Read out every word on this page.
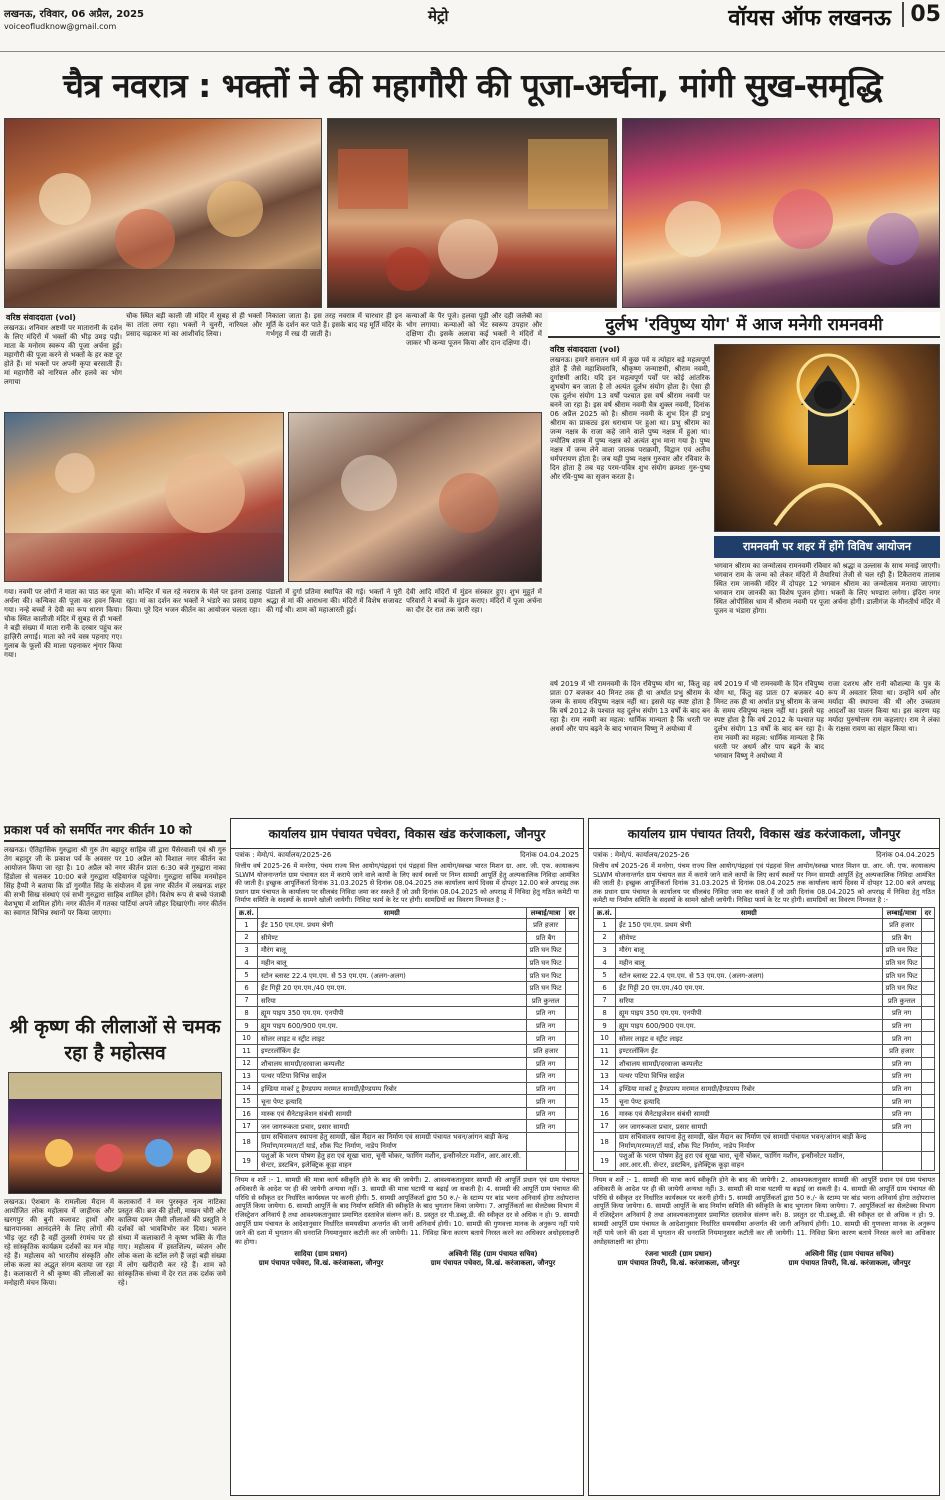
लखनऊ, रविवार, 06 अप्रैल, 2025
voiceofludknow@gmail.com
मेट्रो	वॉयस ऑफ लखनऊ 05
चैत्र नवरात्र : भक्तों ने की महागौरी की पूजा-अर्चना, मांगी सुख-समृद्धि
वरिष्ठ संवाददाता (vol)
लखनऊ। शनिवार अष्टमी पर मातारानी के दर्शन के लिए मंदिरों में भक्तों की भीड़ उमड़ पड़ी। माता के मनोरम स्वरूप की पूजा अर्चना हुई। महागौरी की पूजा करने से भक्तों के हर कष्ट दूर होते हैं। मां भक्तों पर अपनी कृपा बरसाती हैं। मां महागौरी को नारियल और हलवे का भोग लगाया
चौक स्थित बड़ी काली जी मंदिर में सुबह से ही भक्तों का तांता लगा रहा। भक्तों ने चुनरी, नारियल और प्रसाद चढ़ाकर मां का आशीर्वाद लिया।
निकाला जाता है। इस तरह नवरात्र में चारधार ही इन मूर्ति के दर्शन कर पाते हैं। इसके बाद यह मूर्ति मंदिर के गर्भगृह में रख दी जाती है।
कन्याओं के पैर पूजे। हलवा पूड़ी और दही जलेबी का भोग लगाया। कन्याओं को भेंट स्वरूप उपहार और दक्षिणा दी। इसके अलावा कई भक्तों ने मंदिरों में जाकर भी कन्या पूजन किया और दान दक्षिणा दी।
गया। नवमी पर लोगों ने माता का पाठ कर पूजा अर्चना की। कन्यिका की पूजा कर हवन किया गया। नन्हे बच्चों ने देवी का रूप धारण किया। चौक स्थित कालीजी मंदिर में सुबह से ही भक्तों ने बड़ी संख्या में माता रानी के दरबार पहुंच कर हाज़िरी लगाई। माता को नये वस्त्र पहनाए गए। गुलाब के फूलों की माला पहनाकर शृंगार किया गया।
को। मन्दिर में चल रहे नवरात्र के मेले पर इतना उत्साह रहा। मां का दर्शन कर भक्तों ने भंडारे का प्रसाद ग्रहण किया। पूरे दिन भजन कीर्तन का आयोजन चलता रहा।
पंडालों में दुर्गा प्रतिमा स्थापित की गई। भक्तों ने पूरी श्रद्धा से मां की आराधना की। मंदिरों में विशेष सजावट की गई थी। शाम को महाआरती हुई।
देवी आदि मंदिरों में मुंडन संस्कार हुए। शुभ मुहूर्त में परिवारों ने बच्चों के मुंडन कराए। मंदिरों में पूजा अर्चना का दौर देर रात तक जारी रहा।
दुर्लभ 'रविपुष्य योग' में आज मनेगी रामनवमी
वरिष्ठ संवाददाता (vol)
लखनऊ। हमारे सनातन धर्म में कुछ पर्व व त्योहार बड़े महत्वपूर्ण होते हैं जैसे महाशिवरात्रि, श्रीकृष्ण जन्माष्टमी, श्रीराम नवमी, दुर्गाष्टमी आदि। यदि इन महत्वपूर्ण पर्वों पर कोई आंतरिक शुभयोग बन जाता है तो अत्यंत दुर्लभ संयोग होता है। ऐसा ही एक दुर्लभ संयोग 13 वर्षों पश्चात इस वर्ष श्रीराम नवमी पर बनने जा रहा है। इस वर्ष श्रीराम नवमी चैत्र शुक्ल नवमी, दिनांक 06 अप्रैल 2025 को है। श्रीराम नवमी के शुभ दिन ही प्रभु श्रीराम का प्राकट्य इस धराधाम पर हुआ था। प्रभु श्रीराम का जन्म नक्षत्र के राजा कहे जाने वाले पुष्य नक्षत्र में हुआ था। ज्योतिष शास्त्र में पुष्य नक्षत्र को अत्यंत शुभ माना गया है। पुष्य नक्षत्र में जन्म लेने वाला जातक पराक्रमी, विद्वान एवं अतीव धर्मपरायण होता है। जब यही पुष्य नक्षत्र गुरुवार और रविवार के दिन होता है तब यह परम-पवित्र शुभ संयोग क्रमशः गुरु-पुष्य और रवि-पुष्य का सृजन करता है।
रामनवमी पर शहर में होंगे विविध आयोजन
भगवान श्रीराम का जन्मोत्सव रामनवमी रविवार को श्रद्धा व उल्लास के साथ मनाई जाएगी। भगवान राम के जन्म को लेकर मंदिरों में तैयारियां तेजी से चल रही हैं। टिकैतराय तालाब स्थित राम जानकी मंदिर में दोपहर 12 भगवान श्रीराम का जन्मोत्सव मनाया जाएगा। भगवान राम जानकी का विशेष पूजन होगा। भक्तों के लिए भण्डारा लगेगा। इंदिरा नगर स्थित ओपीसिस धाम में श्रीराम नवमी पर पूजा अर्चना होगी। डालीगंज के मौनतीर्थ मंदिर में पूजन व भंडारा होगा।
वर्ष 2019 में भी रामनवमी के दिन रविपुष्य योग था, किंतु वह प्रातः 07 बजकर 40 मिनट तक ही था अर्थात प्रभु श्रीराम के जन्म के समय रविपुष्य नक्षत्र नहीं था। इससे यह स्पष्ट होता है कि वर्ष 2012 के पश्चात यह दुर्लभ संयोग 13 वर्षों के बाद बन रहा है। राम नवमी का महत्व: धार्मिक मान्यता है कि धरती पर अधर्म और पाप बढ़ने के बाद भगवान विष्णु ने अयोध्या में
राजा दशरथ और रानी कौशल्या के पुत्र के रूप में अवतार लिया था। उन्होंने धर्म और मर्यादा की स्थापना की थी और उच्चतम आदर्शों का पालन किया था। इस कारण यह मर्यादा पुरुषोत्तम राम कहलाए। राम ने लंका के राक्षस रावण का संहार किया था।
वर्ष 2019 में भी रामनवमी के दिन रविपुष्य योग था, किंतु वह प्रातः 07 बजकर 40 मिनट तक ही था अर्थात प्रभु श्रीराम के जन्म के समय रविपुष्य नक्षत्र नहीं था। इससे यह स्पष्ट होता है कि वर्ष 2012 के पश्चात यह दुर्लभ संयोग 13 वर्षों के बाद बन रहा है। राम नवमी का महत्व: धार्मिक मान्यता है कि धरती पर अधर्म और पाप बढ़ने के बाद भगवान विष्णु ने अयोध्या में
प्रकाश पर्व को समर्पित नगर कीर्तन 10 को
लखनऊ। ऐतिहासिक गुरुद्वारा श्री गुरु तेग बहादुर साहिब जी द्वारा पैंसेरवाली एवं श्री गुरु तेग बहादुर जी के प्रकाश पर्व के अवसर पर 10 अप्रैल को विशाल नगर कीर्तन का आयोजन किया जा रहा है। 10 अप्रैल को नगर कीर्तन प्रातः 6:30 बजे गुरुद्वारा नाका हिंडोला से चलकर 10:00 बजे गुरुद्वारा यहियागंज पहुंचेगा। गुरुद्वारा सचिव मनमोहन सिंह हैप्पी ने बताया कि डॉ गुरमीत सिंह के संयोजन में इस नगर कीर्तन में लखनऊ शहर की सभी सिख संस्थाएं एवं सभी गुरुद्वारा साहिब शामिल होंगे। विशेष रूप से बच्चे पंजाबी वेशभूषा में शामिल होंगे। नगर कीर्तन में गतका पार्टियां अपने जौहर दिखाएंगी। नगर कीर्तन का स्वागत विभिन्न स्थानों पर किया जाएगा।
श्री कृष्ण की लीलाओं से चमक रहा है महोत्सव
लखनऊ। ऐशबाग के रामलीला मैदान में आयोजित लोक महोत्सव में जाहीरक और खरगपुर की बुनी कलावट हाथों और खानपानका आनंदलेने के लिए लोगों की भीड़ जुट रही है वहीं तुलसी रंगमंच पर हो रहे सांस्कृतिक कार्यक्रम दर्शकों का मन मोह रहे हैं। महोत्सव को भारतीय संस्कृति और लोक कला का अद्भुत संगम बताया जा रहा है। कलाकारों ने श्री कृष्ण की लीलाओं का मनोहारी मंचन किया।
कलाकारों ने मन पुरस्कृत नृत्य नाटिका प्रस्तुत की। ब्रज की होली, माखन चोरी और कालिया दमन जैसी लीलाओं की प्रस्तुति ने दर्शकों को भावविभोर कर दिया। भजन संध्या में कलाकारों ने कृष्ण भक्ति के गीत गाए। महोत्सव में हस्तशिल्प, व्यंजन और लोक कला के स्टॉल लगे हैं जहां बड़ी संख्या में लोग खरीदारी कर रहे हैं। शाम को सांस्कृतिक संध्या में देर रात तक दर्शक जमे रहे।
कार्यालय ग्राम पंचायत पचेवरा, विकास खंड करंजाकला, जौनपुर
पत्रांक : मेमो/पं. कार्यालय/2025-26	दिनांक 04.04.2025
वित्तीय वर्ष 2025-26 में मनरेगा, पंचम राज्य वित्त आयोग/पंद्रहवां एवं पंद्रहवां वित्त आयोग/स्वच्छ भारत मिशन ग्रा. आर. जी. एफ. कायाकल्प SLWM योजनान्तर्गत ग्राम पंचायत सत में कराये जाने वाले कार्यों के लिए कार्य स्थलों पर निम्न सामग्री आपूर्ति हेतु अल्पकालिक निविदा आमंत्रित की जाती है। इच्छुक आपूर्तिकर्ता दिनांक 31.03.2025 से दिनांक 08.04.2025 तक कार्यालय कार्य दिवस में दोपहर 12.00 बजे अपराह्न तक प्रधान ग्राम पंचायत के कार्यालय पर सीलबंद निविदा जमा कर सकते हैं जो उसी दिनांक 08.04.2025 को अपराह्न में निविदा हेतु गठित कमेटी या निर्माण समिति के सदस्यों के सामने खोली जायेगी। निविदा फार्म के रेट पर होगी। सामग्रियों का विवरण निम्नवत है :-
क्र.सं.	सामग्री	लम्बाई/मात्रा	दर
1	ईंट 150 एम.एम. प्रथम श्रेणी	प्रति हजार	
2	सीमेण्ट	प्रति बैग	
3	मौरंग बालू	प्रति घन फिट	
4	महीन बालू	प्रति घन फिट	
5	स्टोन ब्लास्ट 22.4 एम.एम. से 53 एम.एम. (अलग-अलग)	प्रति घन फिट	
6	ईंट गिट्टी 20 एम.एम./40 एम.एम.	प्रति घन फिट	
7	सरिया	प्रति कुन्तल	
8	ह्यूम पाइप 350 एम.एम. एनपीपी	प्रति नग	
9	ह्यूम पाइप 600/900 एम.एम.	प्रति नग	
10	सोलर लाइट व स्ट्रीट लाइट	प्रति नग	
11	इण्टरलॉकिंग ईंट	प्रति हजार	
12	शौचालय सामग्री/दरवाजा कम्पलीट	प्रति नग	
13	पत्थर पटिया विभिन्न साईज	प्रति नग	
14	इण्डिया मार्का टू हैण्डपम्प मरम्मत सामग्री/हैण्डपम्प रिबोर	प्रति नग	
15	चूना पेण्ट इत्यादि	प्रति नग	
16	मास्क एवं सैनेटाइजेशन संबंधी सामग्री	प्रति नग	
17	जन जागरूकता प्रचार, प्रसार सामग्री	प्रति नग	
18	ग्राम सचिवालय स्थापना हेतु सामग्री, खेल मैदान का निर्माण एवं सामग्री पंचायत भवन/आंगन बाड़ी केन्द्र निर्माण/मरम्मत/टॉ यार्ड, शौक पिट निर्माण, नाडेप निर्माण		
19	पशुओं के भरण पोषण हेतु हरा एवं सूखा चारा, चूनी चोकर, फागिंग मशीन, इन्सीनरेटर मशीन, आर.आर.सी. सेन्टर, डस्टबिन, इलेक्ट्रिक कूड़ा वाहन		
नियम व शर्ते :- 1. सामग्री की मात्रा कार्य स्वीकृति होने के बाद की जायेगी। 2. आवश्यकतानुसार सामग्री की आपूर्ति प्रधान एवं ग्राम पंचायत अधिकारी के आदेश पर ही की जायेगी अन्यथा नहीं। 3. सामग्री की मात्रा घटायी या बढ़ाई जा सकती है। 4. सामग्री की आपूर्ति ग्राम पंचायत की परिधि से स्वीकृत दर निर्धारित कार्यस्थल पर करनी होगी। 5. सामग्री आपूर्तिकर्ता द्वारा 50 रु./- के स्टाम्प पर बांड भरना अनिवार्य होगा तदोपरान्त आपूर्ति किया जायेगा। 6. सामग्री आपूर्ति के बाद निर्माण समिति की स्वीकृति के बाद भुगतान किया जायेगा। 7. आपूर्तिकर्ता का सेलटेक्स विभाग में रजिस्ट्रेशन अनिवार्य है तथा आवश्यकतानुसार प्रमाणित दस्तावेज संलग्न करें। 8. प्रस्तुत दर पी.डब्लू.डी. की स्वीकृत दर से अधिक न हो। 9. सामग्री आपूर्ति ग्राम पंचायत के आदेशानुसार निर्धारित समयसीमा अन्तर्गत की जानी अनिवार्य होगी। 10. सामग्री की गुणवत्ता मानक के अनुरूप नहीं पाये जाने की दशा में भुगतान की धनराशि नियमानुसार कटौती कर ली जायेगी। 11. निविदा बिना कारण बताये निरस्त करने का अधिकार अधोहस्ताक्षरी का होगा।
सादिया (ग्राम प्रधान)
ग्राम पंचायत पचेवरा, वि.खं. करंजाकला, जौनपुर
अश्विनी सिंह (ग्राम पंचायत सचिव)
ग्राम पंचायत पचेवरा, वि.खं. करंजाकला, जौनपुर
कार्यालय ग्राम पंचायत तियरी, विकास खंड करंजाकला, जौनपुर
पत्रांक : मेमो/पं. कार्यालय/2025-26	दिनांक 04.04.2025
वित्तीय वर्ष 2025-26 में मनरेगा, पंचम राज्य वित्त आयोग/पंद्रहवां एवं पंद्रहवां वित्त आयोग/स्वच्छ भारत मिशन ग्रा. आर. जी. एफ. कायाकल्प SLWM योजनान्तर्गत ग्राम पंचायत सत में कराये जाने वाले कार्यों के लिए कार्य स्थलों पर निम्न सामग्री आपूर्ति हेतु अल्पकालिक निविदा आमंत्रित की जाती है। इच्छुक आपूर्तिकर्ता दिनांक 31.03.2025 से दिनांक 08.04.2025 तक कार्यालय कार्य दिवस में दोपहर 12.00 बजे अपराह्न तक प्रधान ग्राम पंचायत के कार्यालय पर सीलबंद निविदा जमा कर सकते हैं जो उसी दिनांक 08.04.2025 को अपराह्न में निविदा हेतु गठित कमेटी या निर्माण समिति के सदस्यों के सामने खोली जायेगी। निविदा फार्म के रेट पर होगी। सामग्रियों का विवरण निम्नवत है :-
क्र.सं.	सामग्री	लम्बाई/मात्रा	दर
1	ईंट 150 एम.एम. प्रथम श्रेणी	प्रति हजार	
2	सीमेण्ट	प्रति बैग	
3	मौरंग बालू	प्रति घन फिट	
4	महीन बालू	प्रति घन फिट	
5	स्टोन ब्लास्ट 22.4 एम.एम. से 53 एम.एम. (अलग-अलग)	प्रति घन फिट	
6	ईंट गिट्टी 20 एम.एम./40 एम.एम.	प्रति घन फिट	
7	सरिया	प्रति कुन्तल	
8	ह्यूम पाइप 350 एम.एम. एनपीपी	प्रति नग	
9	ह्यूम पाइप 600/900 एम.एम.	प्रति नग	
10	सोलर लाइट व स्ट्रीट लाइट	प्रति नग	
11	इण्टरलॉकिंग ईंट	प्रति हजार	
12	शौचालय सामग्री/दरवाजा कम्पलीट	प्रति नग	
13	पत्थर पटिया विभिन्न साईज	प्रति नग	
14	इण्डिया मार्का टू हैण्डपम्प मरम्मत सामग्री/हैण्डपम्प रिबोर	प्रति नग	
15	चूना पेण्ट इत्यादि	प्रति नग	
16	मास्क एवं सैनेटाइजेशन संबंधी सामग्री	प्रति नग	
17	जन जागरूकता प्रचार, प्रसार सामग्री	प्रति नग	
18	ग्राम सचिवालय स्थापना हेतु सामग्री, खेल मैदान का निर्माण एवं सामग्री पंचायत भवन/आंगन बाड़ी केन्द्र निर्माण/मरम्मत/टॉ यार्ड, शौक पिट निर्माण, नाडेप निर्माण		
19	पशुओं के भरण पोषण हेतु हरा एवं सूखा चारा, चूनी चोकर, फागिंग मशीन, इन्सीनरेटर मशीन, आर.आर.सी. सेन्टर, डस्टबिन, इलेक्ट्रिक कूड़ा वाहन		
नियम व शर्ते :- 1. सामग्री की मात्रा कार्य स्वीकृति होने के बाद की जायेगी। 2. आवश्यकतानुसार सामग्री की आपूर्ति प्रधान एवं ग्राम पंचायत अधिकारी के आदेश पर ही की जायेगी अन्यथा नहीं। 3. सामग्री की मात्रा घटायी या बढ़ाई जा सकती है। 4. सामग्री की आपूर्ति ग्राम पंचायत की परिधि से स्वीकृत दर निर्धारित कार्यस्थल पर करनी होगी। 5. सामग्री आपूर्तिकर्ता द्वारा 50 रु./- के स्टाम्प पर बांड भरना अनिवार्य होगा तदोपरान्त आपूर्ति किया जायेगा। 6. सामग्री आपूर्ति के बाद निर्माण समिति की स्वीकृति के बाद भुगतान किया जायेगा। 7. आपूर्तिकर्ता का सेलटेक्स विभाग में रजिस्ट्रेशन अनिवार्य है तथा आवश्यकतानुसार प्रमाणित दस्तावेज संलग्न करें। 8. प्रस्तुत दर पी.डब्लू.डी. की स्वीकृत दर से अधिक न हो। 9. सामग्री आपूर्ति ग्राम पंचायत के आदेशानुसार निर्धारित समयसीमा अन्तर्गत की जानी अनिवार्य होगी। 10. सामग्री की गुणवत्ता मानक के अनुरूप नहीं पाये जाने की दशा में भुगतान की धनराशि नियमानुसार कटौती कर ली जायेगी। 11. निविदा बिना कारण बताये निरस्त करने का अधिकार अधोहस्ताक्षरी का होगा।
रंजना भारती (ग्राम प्रधान)
ग्राम पंचायत तियरी, वि.खं. करंजाकला, जौनपुर
अश्विनी सिंह (ग्राम पंचायत सचिव)
ग्राम पंचायत तियरी, वि.खं. करंजाकला, जौनपुर
